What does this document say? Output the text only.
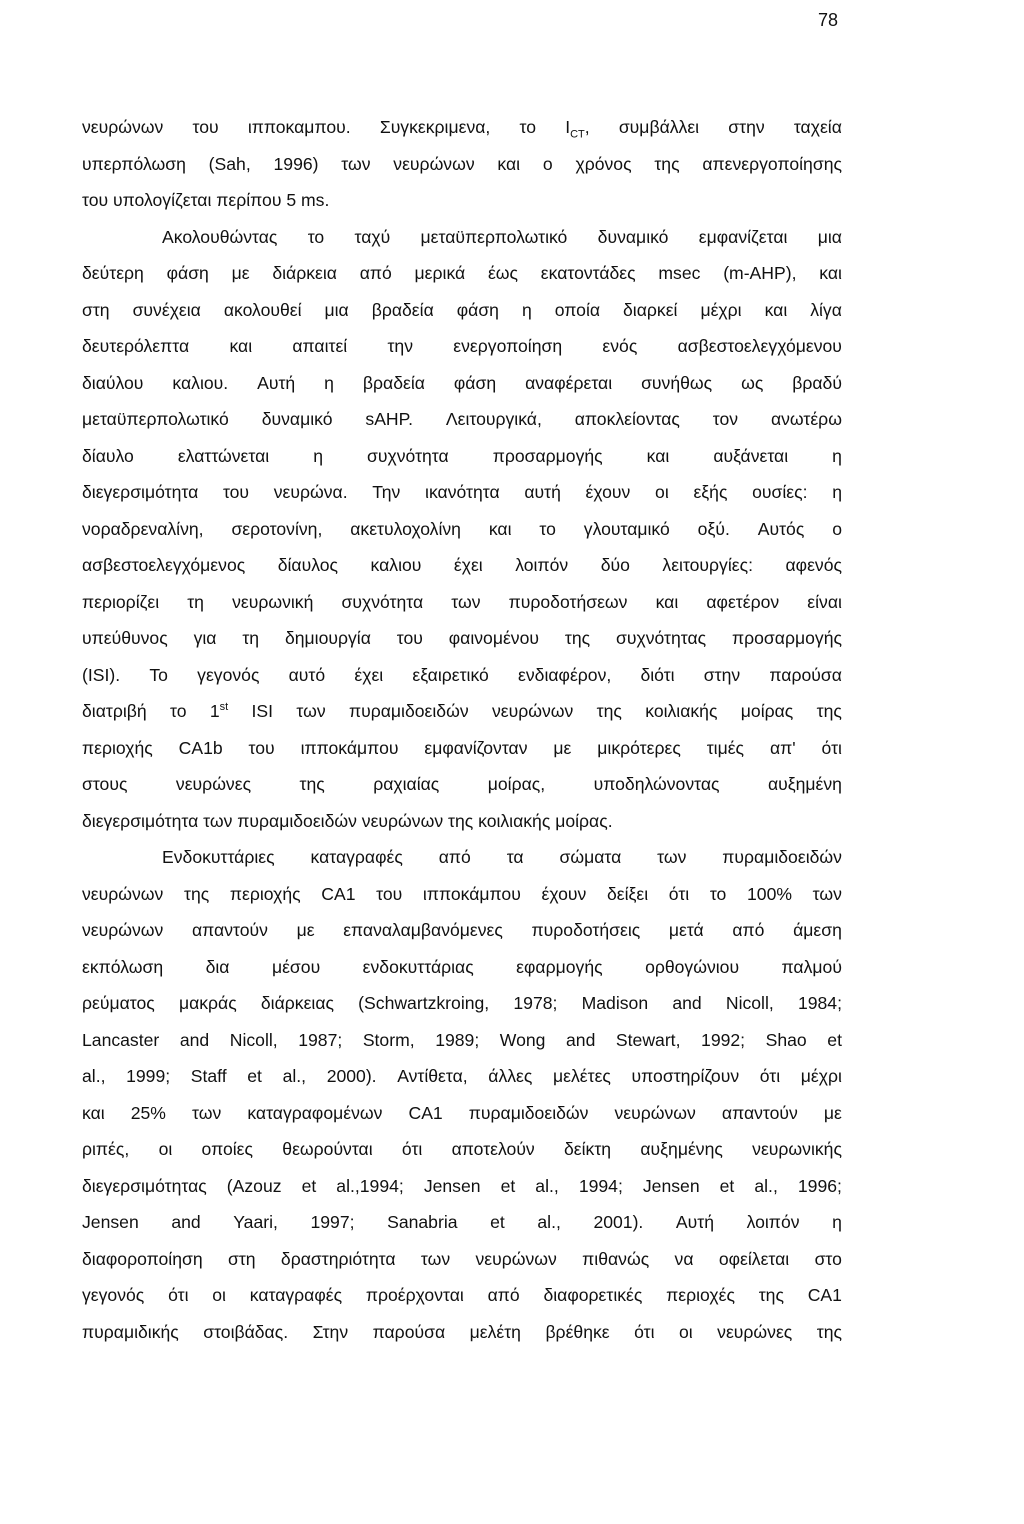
78
νευρώνων του ιπποκαμπου. Συγκεκριμενα, το $I_{CT}$, συμβάλλει στην ταχεία
υπερπόλωση (Sah, 1996) των νευρώνων και ο χρόνος της απενεργοποίησης
του υπολογίζεται περίπου 5 ms.
Ακολουθώντας το ταχύ μεταϋπερπολωτικό δυναμικό εμφανίζεται μια
δεύτερη φάση με διάρκεια από μερικά έως εκατοντάδες msec (m-AHP), και
στη συνέχεια ακολουθεί μια βραδεία φάση η οποία διαρκεί μέχρι και λίγα
δευτερόλεπτα και απαιτεί την ενεργοποίηση ενός ασβεστοελεγχόμενου
διαύλου καλιου. Αυτή η βραδεία φάση αναφέρεται συνήθως ως βραδύ
μεταϋπερπολωτικό δυναμικό sAHP. Λειτουργικά, αποκλείοντας τον ανωτέρω
δίαυλο	ελαττώνεται	η	συχνότητα	προσαρμογής	και	αυξάνεται	η
διεγερσιμότητα του νευρώνα. Την ικανότητα αυτή έχουν οι εξής ουσίες: η
νοραδρεναλίνη, σεροτονίνη, ακετυλοχολίνη και το γλουταμικό οξύ. Αυτός ο
ασβεστοελεγχόμενος δίαυλος καλιου έχει λοιπόν δύο λειτουργίες: αφενός
περιορίζει τη νευρωνική συχνότητα των πυροδοτήσεων και αφετέρον είναι
υπεύθυνος για τη δημιουργία του φαινομένου της συχνότητας προσαρμογής
(ISI). Το γεγονός αυτό έχει εξαιρετικό ενδιαφέρον, διότι στην παρούσα
διατριβή το 1st ISI των πυραμιδοειδών νευρώνων της κοιλιακής μοίρας της
περιοχής CA1b του ιπποκάμπου εμφανίζονταν με μικρότερες τιμές απ' ότι
στους	νευρώνες	της	ραχιαίας	μοίρας,	υποδηλώνοντας	αυξημένη
διεγερσιμότητα των πυραμιδοειδών νευρώνων της κοιλιακής μοίρας.
Ενδοκυττάριες καταγραφές από τα σώματα των πυραμιδοειδών
νευρώνων της περιοχής CA1 του ιπποκάμπου έχουν δείξει ότι το 100% των
νευρώνων απαντούν με επαναλαμβανόμενες πυροδοτήσεις μετά από άμεση
εκπόλωση δια μέσου ενδοκυττάριας εφαρμογής ορθογώνιου παλμού
ρεύματος μακράς διάρκειας (Schwartzkroing, 1978; Madison and Nicoll, 1984;
Lancaster and Nicoll, 1987; Storm, 1989; Wong and Stewart, 1992; Shao et
al., 1999; Staff et al., 2000). Αντίθετα, άλλες μελέτες υποστηρίζουν ότι μέχρι
και 25% των καταγραφομένων CA1 πυραμιδοειδών νευρώνων απαντούν με
ριπές, οι οποίες θεωρούνται ότι αποτελούν δείκτη αυξημένης νευρωνικής
διεγερσιμότητας (Azouz et al.,1994; Jensen et al., 1994; Jensen et al., 1996;
Jensen and Yaari, 1997; Sanabria et al., 2001). Αυτή λοιπόν η
διαφοροποίηση στη δραστηριότητα των νευρώνων πιθανώς να οφείλεται στο
γεγονός ότι οι καταγραφές προέρχονται από διαφορετικές περιοχές της CA1
πυραμιδικής στοιβάδας. Στην παρούσα μελέτη βρέθηκε ότι οι νευρώνες της
